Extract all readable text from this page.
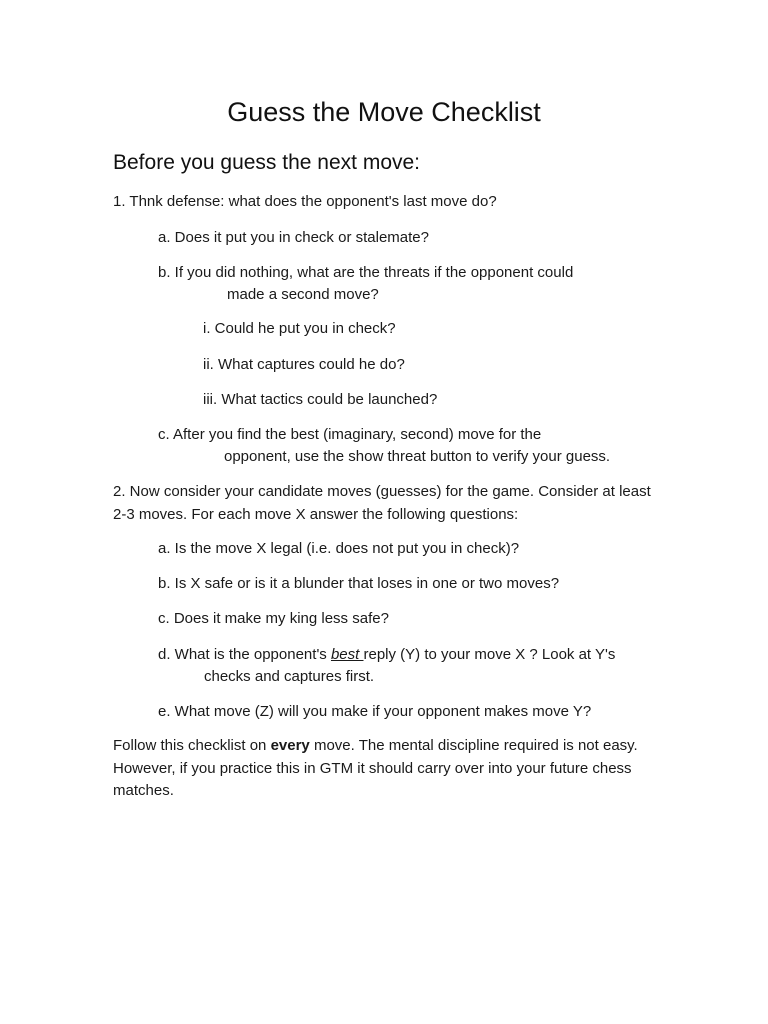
Guess the Move Checklist
Before you guess the next move:
1. Thnk defense: what does the opponent's last move do?
a. Does it put you in check or stalemate?
b. If you did nothing, what are the threats if the opponent could
made a second move?
i. Could he put you in check?
ii. What captures could he do?
iii. What tactics could be launched?
c. After you find the best (imaginary, second) move for the
opponent, use the show threat button to verify your guess.
2. Now consider your candidate moves (guesses) for the game. Consider at least 2-3 moves. For each move X answer the following questions:
a. Is the move X legal (i.e. does not put you in check)?
b. Is X safe or is it a blunder that loses in one or two moves?
c. Does it make my king less safe?
d. What is the opponent's best reply (Y) to your move X ? Look at Y's
checks and captures first.
e. What move (Z) will you make if your opponent makes move Y?
Follow this checklist on every move. The mental discipline required is not easy. However, if you practice this in GTM it should carry over into your future chess matches.
